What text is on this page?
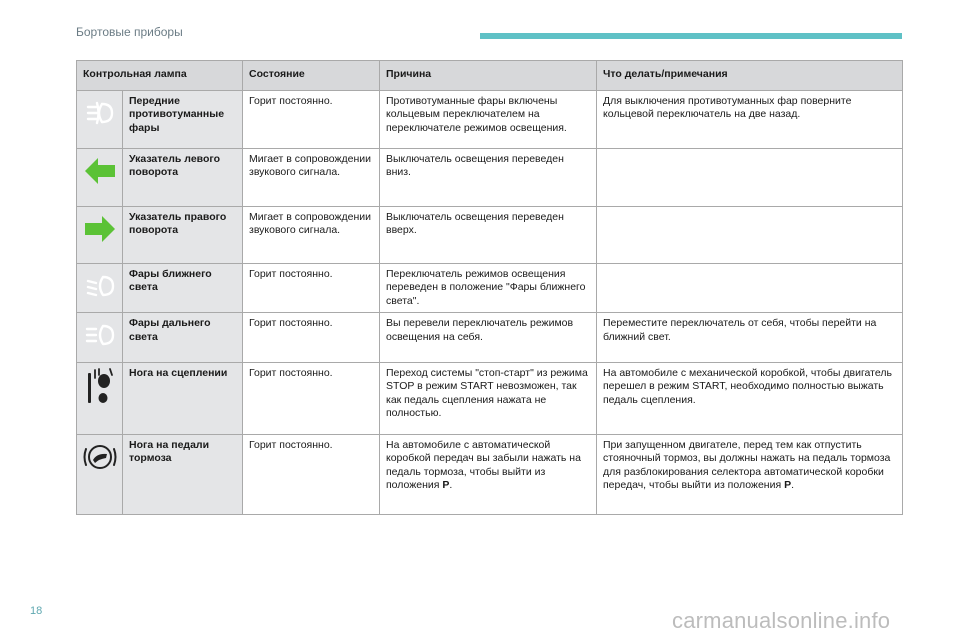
Бортовые приборы
Контрольная лампа		Состояние	Причина	Что делать/примечания
	Передние противотуманные фары	Горит постоянно.	Противотуманные фары включены кольцевым переключателем на переключателе режимов освещения.	Для выключения противотуманных фар поверните кольцевой переключатель на две назад.
	Указатель левого поворота	Мигает в сопровождении звукового сигнала.	Выключатель освещения переведен вниз.	
	Указатель правого поворота	Мигает в сопровождении звукового сигнала.	Выключатель освещения переведен вверх.	
	Фары ближнего света	Горит постоянно.	Переключатель режимов освещения переведен в положение "Фары ближнего света".	
	Фары дальнего света	Горит постоянно.	Вы перевели переключатель режимов освещения на себя.	Переместите переключатель от себя, чтобы перейти на ближний свет.
	Нога на сцеплении	Горит постоянно.	Переход системы "стоп-старт" из режима STOP в режим START невозможен, так как педаль сцепления нажата не полностью.	На автомобиле с механической коробкой, чтобы двигатель перешел в режим START, необходимо полностью выжать педаль сцепления.
	Нога на педали тормоза	Горит постоянно.	На автомобиле с автоматической коробкой передач вы забыли нажать на педаль тормоза, чтобы выйти из положения P.	При запущенном двигателе, перед тем как отпустить стояночный тормоз, вы должны нажать на педаль тормоза для разблокирования селектора автоматической коробки передач, чтобы выйти из положения P.
18	carmanualsonline.info
